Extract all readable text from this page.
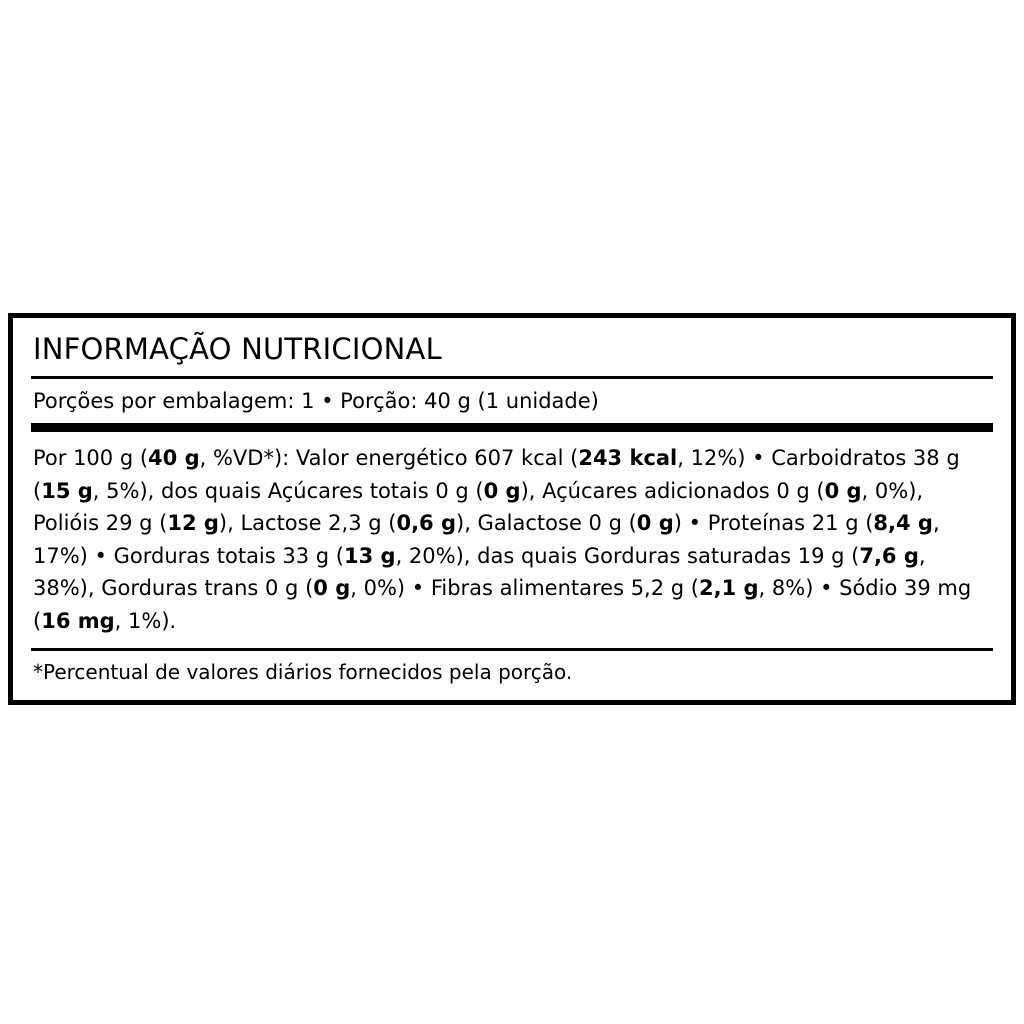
INFORMAÇÃO NUTRICIONAL
Porções por embalagem: 1 • Porção: 40 g (1 unidade)
Por 100 g (40 g, %VD*): Valor energético 607 kcal (243 kcal, 12%) • Carboidratos 38 g (15 g, 5%), dos quais Açúcares totais 0 g (0 g), Açúcares adicionados 0 g (0 g, 0%), Polióis 29 g (12 g), Lactose 2,3 g (0,6 g), Galactose 0 g (0 g) • Proteínas 21 g (8,4 g, 17%) • Gorduras totais 33 g (13 g, 20%), das quais Gorduras saturadas 19 g (7,6 g, 38%), Gorduras trans 0 g (0 g, 0%) • Fibras alimentares 5,2 g (2,1 g, 8%) • Sódio 39 mg (16 mg, 1%).
*Percentual de valores diários fornecidos pela porção.
